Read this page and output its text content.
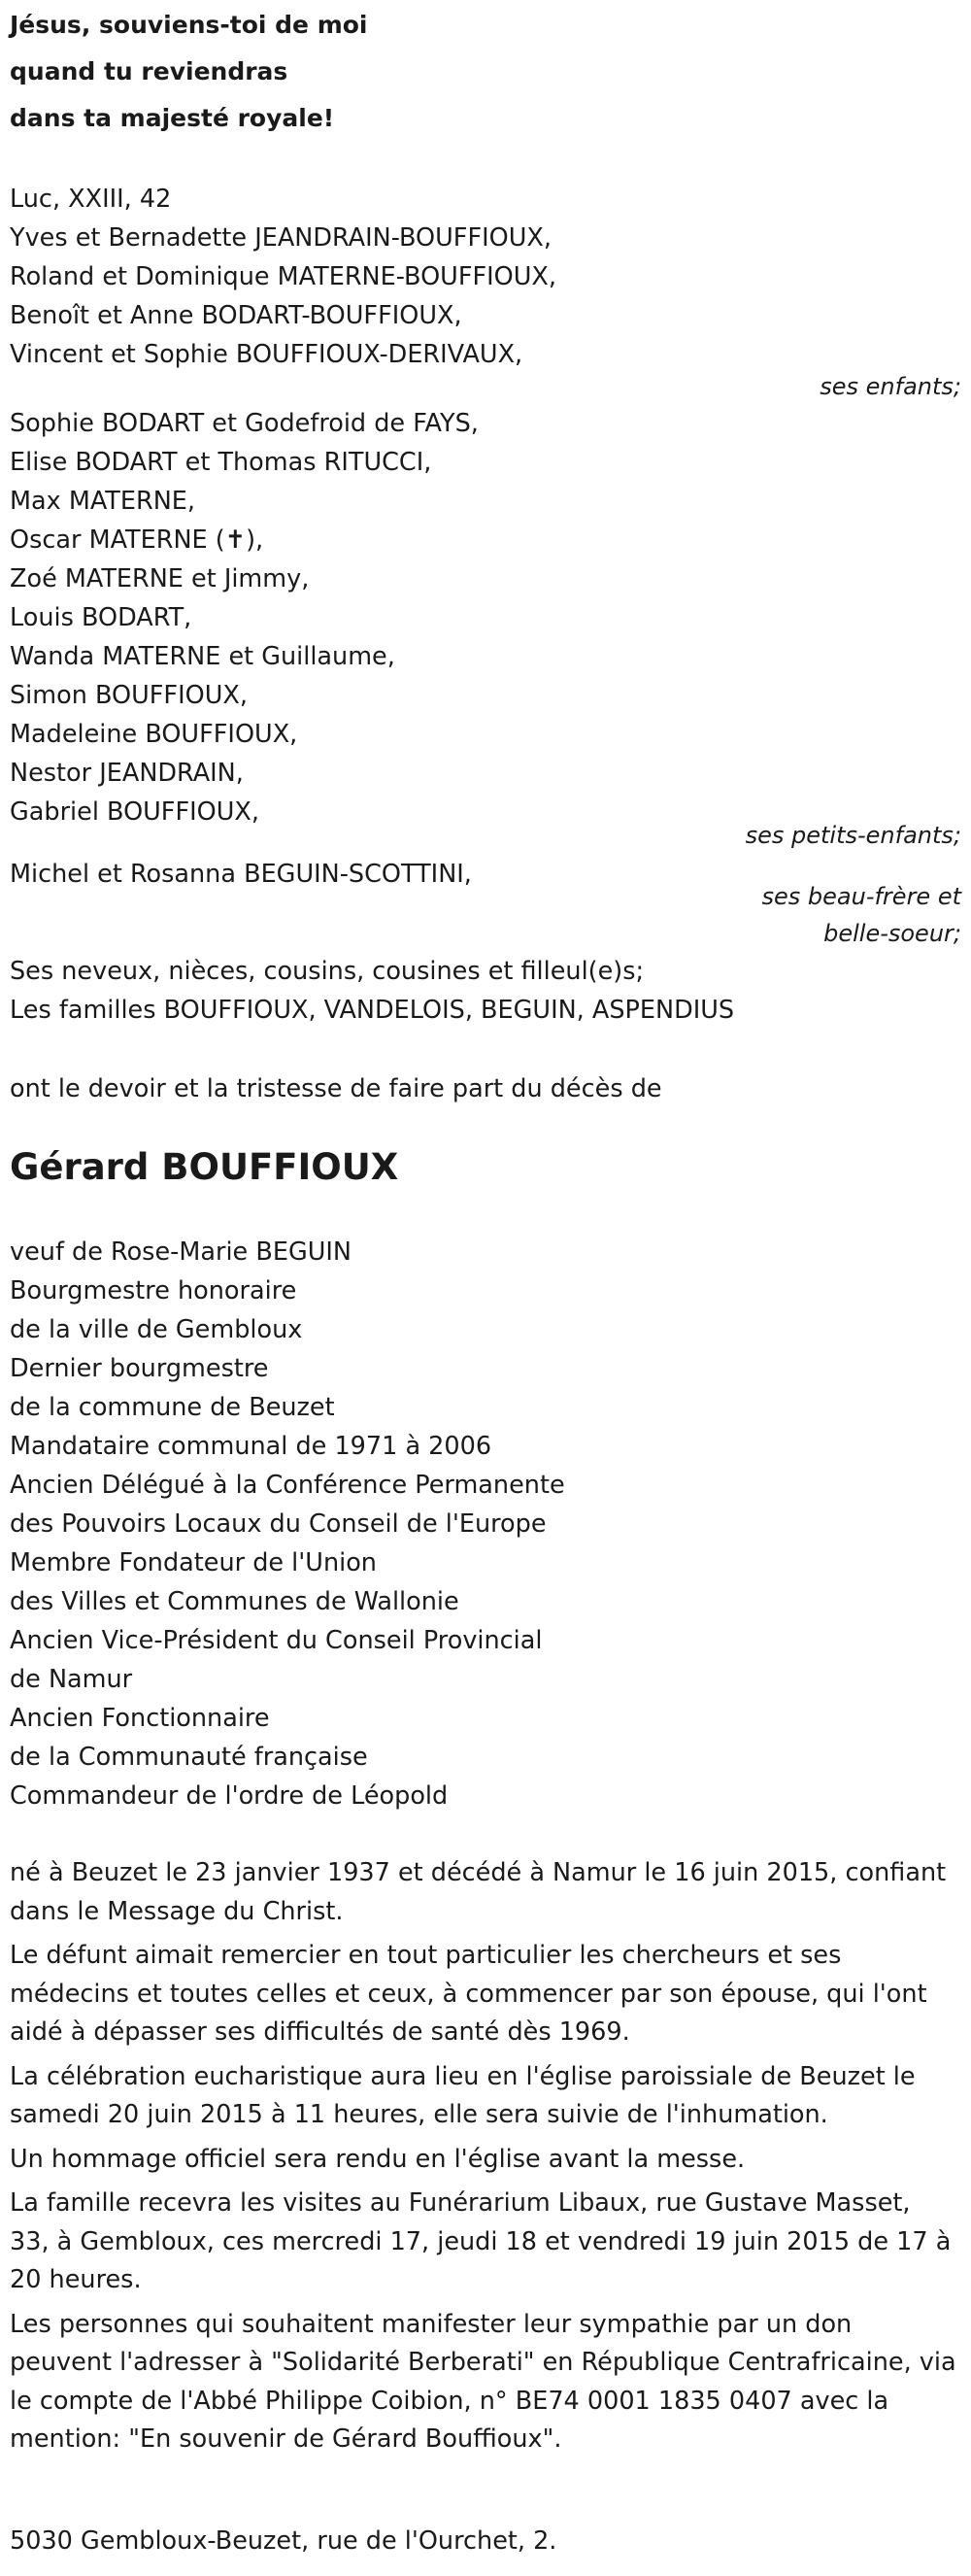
Jésus, souviens-toi de moi
quand tu reviendras
dans ta majesté royale!
Luc, XXIII, 42
Yves et Bernadette JEANDRAIN-BOUFFIOUX,
Roland et Dominique MATERNE-BOUFFIOUX,
Benoît et Anne BODART-BOUFFIOUX,
Vincent et Sophie BOUFFIOUX-DERIVAUX,
ses enfants;
Sophie BODART et Godefroid de FAYS,
Elise BODART et Thomas RITUCCI,
Max MATERNE,
Oscar MATERNE (✝),
Zoé MATERNE et Jimmy,
Louis BODART,
Wanda MATERNE et Guillaume,
Simon BOUFFIOUX,
Madeleine BOUFFIOUX,
Nestor JEANDRAIN,
Gabriel BOUFFIOUX,
ses petits-enfants;
Michel et Rosanna BEGUIN-SCOTTINI,
ses beau-frère et
belle-soeur;
Ses neveux, nièces, cousins, cousines et filleul(e)s;
Les familles BOUFFIOUX, VANDELOIS, BEGUIN, ASPENDIUS
ont le devoir et la tristesse de faire part du décès de
Gérard BOUFFIOUX
veuf de Rose-Marie BEGUIN
Bourgmestre honoraire
de la ville de Gembloux
Dernier bourgmestre
de la commune de Beuzet
Mandataire communal de 1971 à 2006
Ancien Délégué à la Conférence Permanente
des Pouvoirs Locaux du Conseil de l'Europe
Membre Fondateur de l'Union
des Villes et Communes de Wallonie
Ancien Vice-Président du Conseil Provincial
de Namur
Ancien Fonctionnaire
de la Communauté française
Commandeur de l'ordre de Léopold

né à Beuzet le 23 janvier 1937 et décédé à Namur le 16 juin 2015, confiant dans le Message du Christ.

Le défunt aimait remercier en tout particulier les chercheurs et ses médecins et toutes celles et ceux, à commencer par son épouse, qui l'ont aidé à dépasser ses difficultés de santé dès 1969.

La célébration eucharistique aura lieu en l'église paroissiale de Beuzet le samedi 20 juin 2015 à 11 heures, elle sera suivie de l'inhumation.

Un hommage officiel sera rendu en l'église avant la messe.

La famille recevra les visites au Funérarium Libaux, rue Gustave Masset, 33, à Gembloux, ces mercredi 17, jeudi 18 et vendredi 19 juin 2015 de 17 à 20 heures.

Les personnes qui souhaitent manifester leur sympathie par un don peuvent l'adresser à "Solidarité Berberati" en République Centrafricaine, via le compte de l'Abbé Philippe Coibion, n° BE74 0001 1835 0407 avec la mention: "En souvenir de Gérard Bouffioux".

5030 Gembloux-Beuzet, rue de l'Ourchet, 2.
